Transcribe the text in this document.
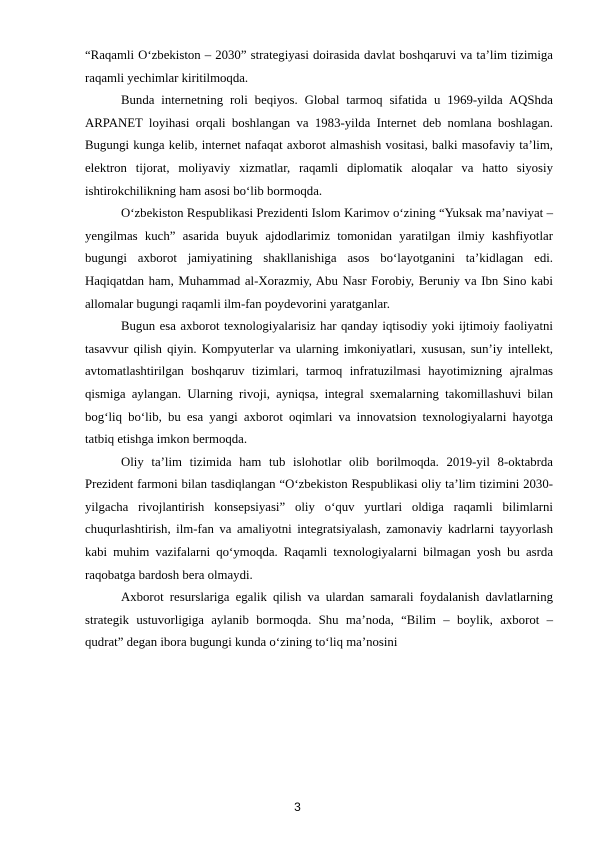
“Raqamli O‘zbekiston – 2030” strategiyasi doirasida davlat boshqaruvi va ta’lim tizimiga raqamli yechimlar kiritilmoqda.

Bunda internetning roli beqiyos. Global tarmoq sifatida u 1969-yilda AQShda ARPANET loyihasi orqali boshlangan va 1983-yilda Internet deb nomlana boshlagan. Bugungi kunga kelib, internet nafaqat axborot almashish vositasi, balki masofaviy ta’lim, elektron tijorat, moliyaviy xizmatlar, raqamli diplomatik aloqalar va hatto siyosiy ishtirokchilikning ham asosi bo‘lib bormoqda.

O‘zbekiston Respublikasi Prezidenti Islom Karimov o‘zining “Yuksak ma’naviyat – yengilmas kuch” asarida buyuk ajdodlarimiz tomonidan yaratilgan ilmiy kashfiyotlar bugungi axborot jamiyatining shakllanishiga asos bo‘layotganini ta’kidlagan edi. Haqiqatdan ham, Muhammad al-Xorazmiy, Abu Nasr Forobiy, Beruniy va Ibn Sino kabi allomalar bugungi raqamli ilm-fan poydevorini yaratganlar.

Bugun esa axborot texnologiyalarisiz har qanday iqtisodiy yoki ijtimoiy faoliyatni tasavvur qilish qiyin. Kompyuterlar va ularning imkoniyatlari, xususan, sun’iy intellekt, avtomatlashtirilgan boshqaruv tizimlari, tarmoq infratuzilmasi hayotimizning ajralmas qismiga aylangan. Ularning rivoji, ayniqsa, integral sxemalarning takomillashuvi bilan bog‘liq bo‘lib, bu esa yangi axborot oqimlari va innovatsion texnologiyalarni hayotga tatbiq etishga imkon bermoqda.

Oliy ta’lim tizimida ham tub islohotlar olib borilmoqda. 2019-yil 8-oktabrda Prezident farmoni bilan tasdiqlangan “O‘zbekiston Respublikasi oliy ta’lim tizimini 2030-yilgacha rivojlantirish konsepsiyasi” oliy o‘quv yurtlari oldiga raqamli bilimlarni chuqurlashtirish, ilm-fan va amaliyotni integratsiyalash, zamonaviy kadrlarni tayyorlash kabi muhim vazifalarni qo‘ymoqda. Raqamli texnologiyalarni bilmagan yosh bu asrda raqobatga bardosh bera olmaydi.

Axborot resurslariga egalik qilish va ulardan samarali foydalanish davlatlarning strategik ustuvorligiga aylanib bormoqda. Shu ma’noda, “Bilim – boylik, axborot – qudrat” degan ibora bugungi kunda o‘zining to‘liq ma’nosini

3
